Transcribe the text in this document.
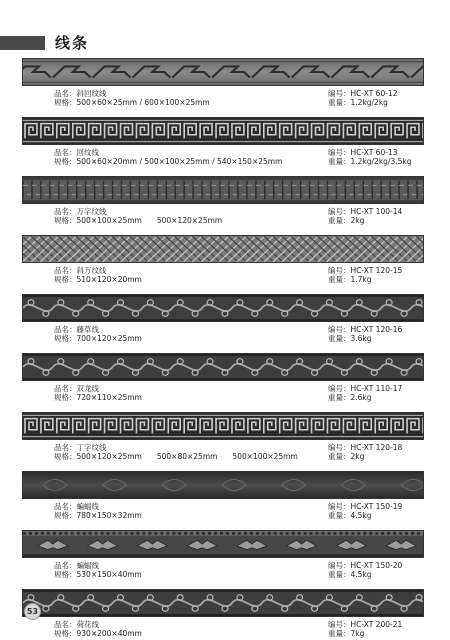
线条
品名：斜回纹线	编号：HC-XT 60-12
规格：500×60×25mm / 600×100×25mm	重量：1.2kg/2kg
品名：回纹线	编号：HC-XT 60-13
规格：500×60×20mm / 500×100×25mm / 540×150×25mm	重量：1.2kg/2kg/3.5kg
品名：万字纹线	编号：HC-XT 100-14
规格：500×100×25mm　　500×120×25mm	重量：2kg
品名：斜万纹线	编号：HC-XT 120-15
规格：510×120×20mm	重量：1.7kg
品名：藤草线	编号：HC-XT 120-16
规格：700×120×25mm	重量：3.6kg
品名：双龙线	编号：HC-XT 110-17
规格：720×110×25mm	重量：2.6kg
品名：丁字纹线	编号：HC-XT 120-18
规格：500×120×25mm　　500×80×25mm　　500×100×25mm	重量：2kg
品名：蝙蝠线	编号：HC-XT 150-19
规格：780×150×32mm	重量：4.5kg
品名：蝙蝠线	编号：HC-XT 150-20
规格：530×150×40mm	重量：4.5kg
品名：荷花线	编号：HC-XT 200-21
规格：930×200×40mm	重量：7kg
53
